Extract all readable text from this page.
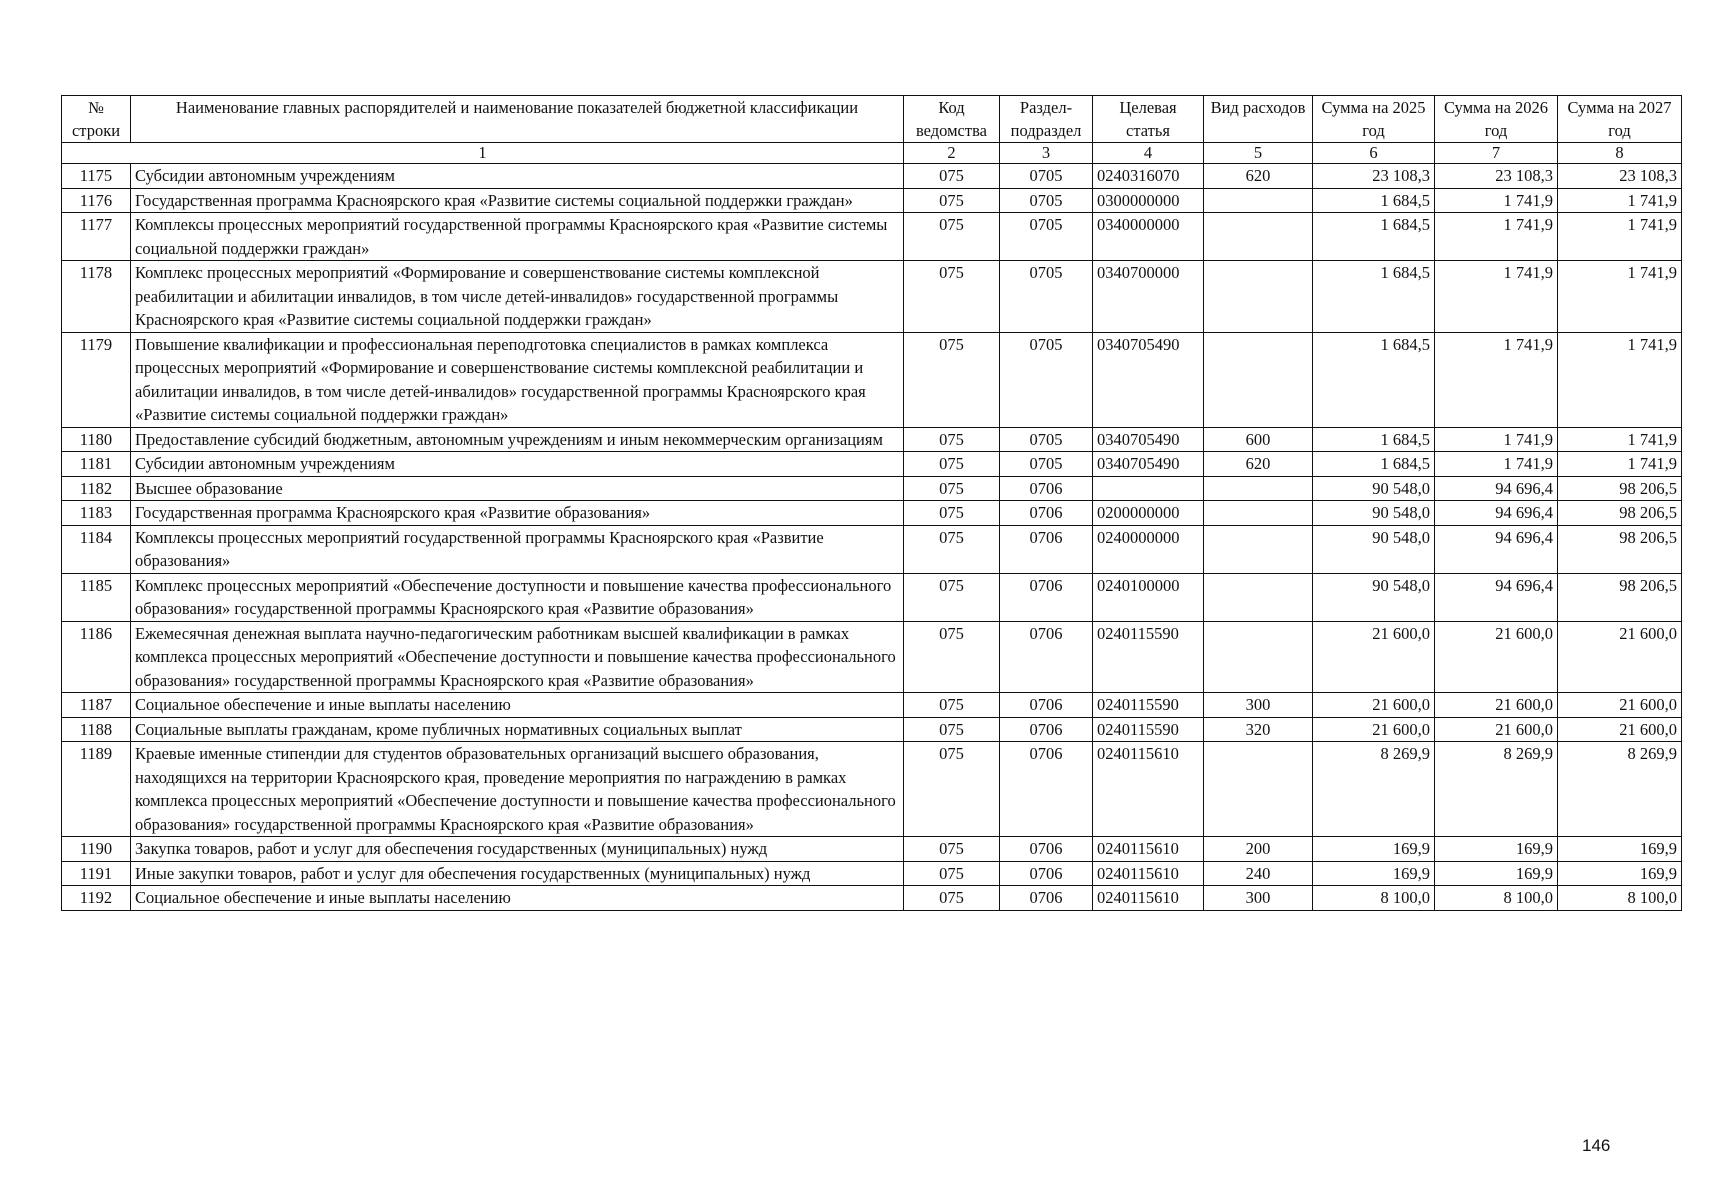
№ строки	Наименование главных распорядителей и наименование показателей бюджетной классификации	Код ведомства	Раздел-подраздел	Целевая статья	Вид расходов	Сумма на 2025 год	Сумма на 2026 год	Сумма на 2027 год
1		2	3	4	5	6	7	8
1175	Субсидии автономным учреждениям	075	0705	0240316070	620	23 108,3	23 108,3	23 108,3
1176	Государственная программа Красноярского края «Развитие системы социальной поддержки граждан»	075	0705	0300000000		1 684,5	1 741,9	1 741,9
1177	Комплексы процессных мероприятий государственной программы Красноярского края «Развитие системы социальной поддержки граждан»	075	0705	0340000000		1 684,5	1 741,9	1 741,9
1178	Комплекс процессных мероприятий «Формирование и совершенствование системы комплексной реабилитации и абилитации инвалидов, в том числе детей-инвалидов» государственной программы Красноярского края «Развитие системы социальной поддержки граждан»	075	0705	0340700000		1 684,5	1 741,9	1 741,9
1179	Повышение квалификации и профессиональная переподготовка специалистов в рамках комплекса процессных мероприятий «Формирование и совершенствование системы комплексной реабилитации и абилитации инвалидов, в том числе детей-инвалидов» государственной программы Красноярского края «Развитие системы социальной поддержки граждан»	075	0705	0340705490		1 684,5	1 741,9	1 741,9
1180	Предоставление субсидий бюджетным, автономным учреждениям и иным некоммерческим организациям	075	0705	0340705490	600	1 684,5	1 741,9	1 741,9
1181	Субсидии автономным учреждениям	075	0705	0340705490	620	1 684,5	1 741,9	1 741,9
1182	Высшее образование	075	0706			90 548,0	94 696,4	98 206,5
1183	Государственная программа Красноярского края «Развитие образования»	075	0706	0200000000		90 548,0	94 696,4	98 206,5
1184	Комплексы процессных мероприятий государственной программы Красноярского края «Развитие образования»	075	0706	0240000000		90 548,0	94 696,4	98 206,5
1185	Комплекс процессных мероприятий «Обеспечение доступности и повышение качества профессионального образования» государственной программы Красноярского края «Развитие образования»	075	0706	0240100000		90 548,0	94 696,4	98 206,5
1186	Ежемесячная денежная выплата научно-педагогическим работникам высшей квалификации в рамках комплекса процессных мероприятий «Обеспечение доступности и повышение качества профессионального образования» государственной программы Красноярского края «Развитие образования»	075	0706	0240115590		21 600,0	21 600,0	21 600,0
1187	Социальное обеспечение и иные выплаты населению	075	0706	0240115590	300	21 600,0	21 600,0	21 600,0
1188	Социальные выплаты гражданам, кроме публичных нормативных социальных выплат	075	0706	0240115590	320	21 600,0	21 600,0	21 600,0
1189	Краевые именные стипендии для студентов образовательных организаций высшего образования, находящихся на территории Красноярского края, проведение мероприятия по награждению в рамках комплекса процессных мероприятий «Обеспечение доступности и повышение качества профессионального образования» государственной программы Красноярского края «Развитие образования»	075	0706	0240115610		8 269,9	8 269,9	8 269,9
1190	Закупка товаров, работ и услуг для обеспечения государственных (муниципальных) нужд	075	0706	0240115610	200	169,9	169,9	169,9
1191	Иные закупки товаров, работ и услуг для обеспечения государственных (муниципальных) нужд	075	0706	0240115610	240	169,9	169,9	169,9
1192	Социальное обеспечение и иные выплаты населению	075	0706	0240115610	300	8 100,0	8 100,0	8 100,0
146
